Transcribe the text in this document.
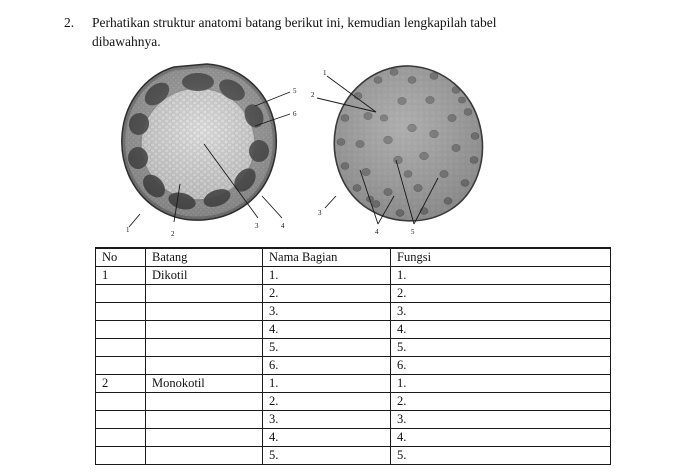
2.	Perhatikan struktur anatomi batang berikut ini, kemudian lengkapilah tabel
dibawahnya.
1	2
3	4
5
6
1
2
3
4	5
No	Batang	Nama Bagian	Fungsi
1	Dikotil	1.	1.
		2.	2.
		3.	3.
		4.	4.
		5.	5.
		6.	6.
2	Monokotil	1.	1.
		2.	2.
		3.	3.
		4.	4.
		5.	5.
